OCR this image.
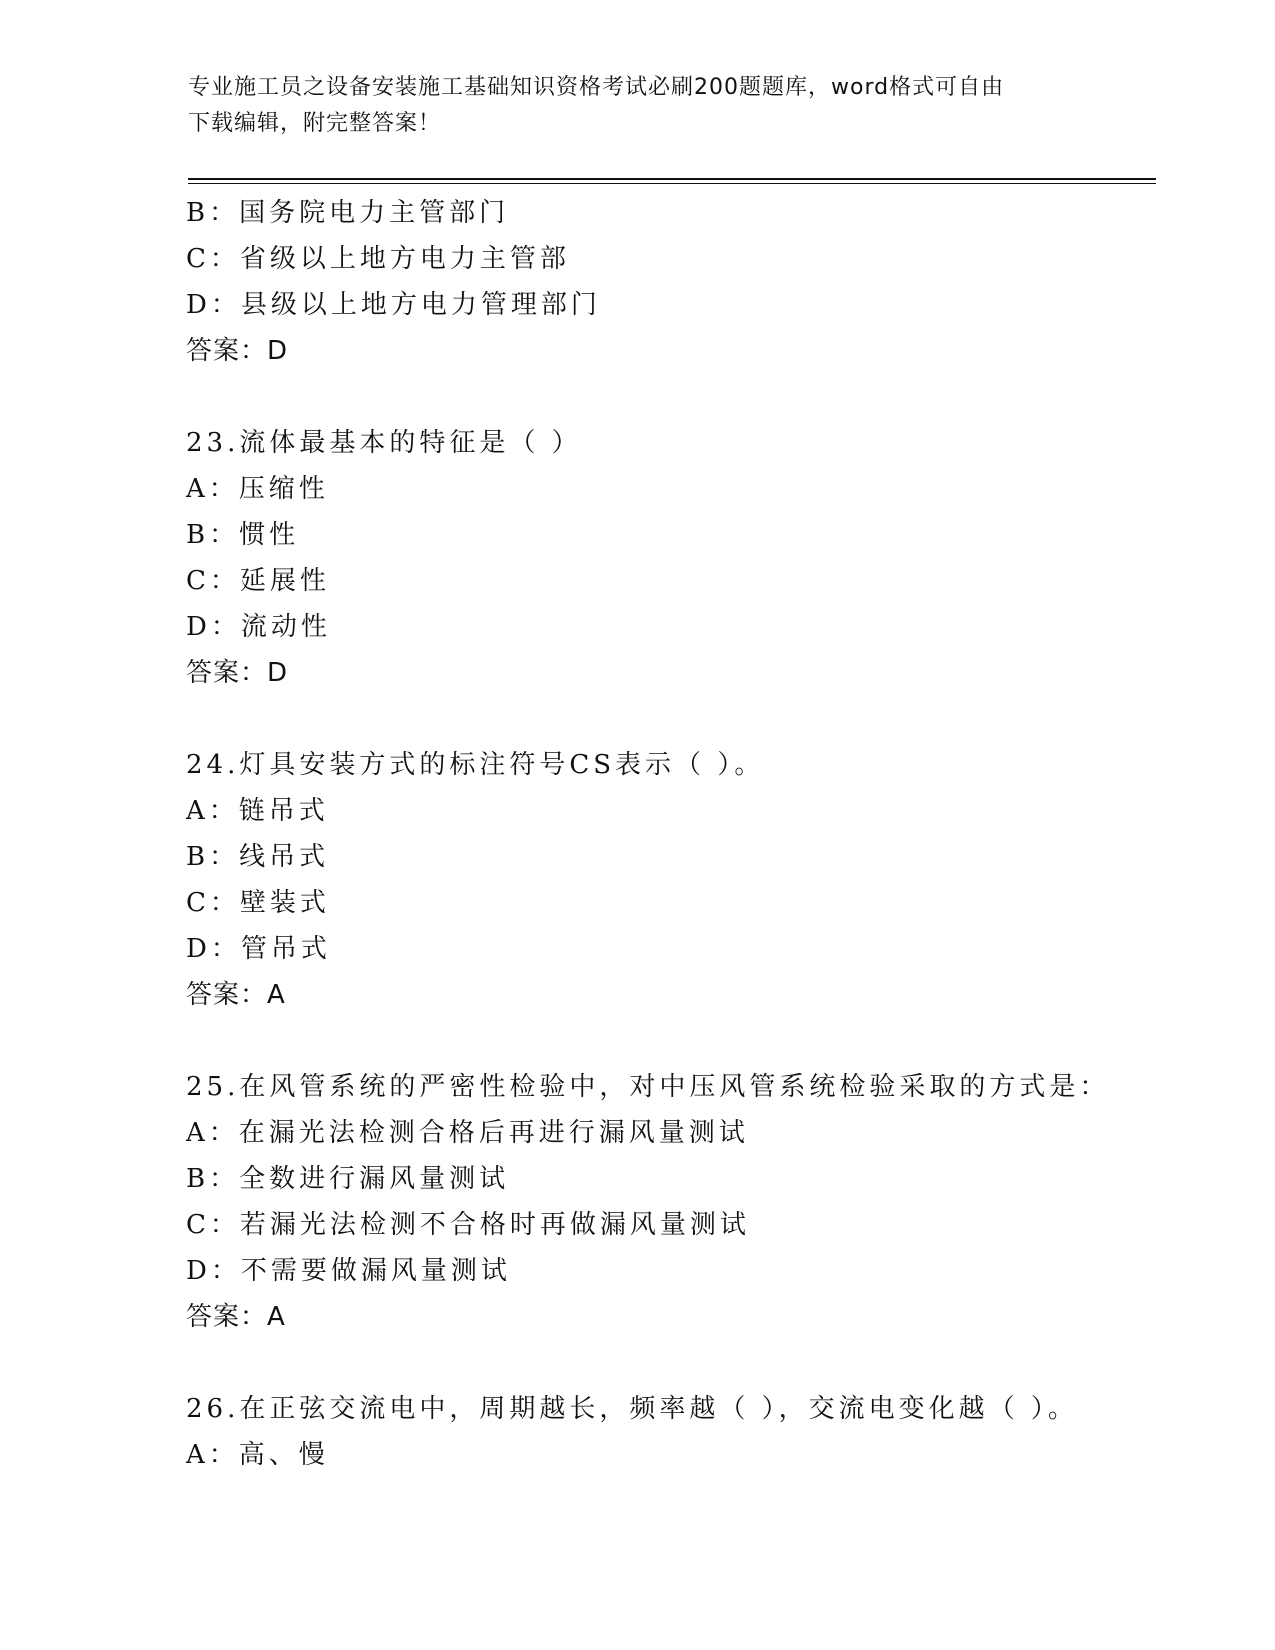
专业施工员之设备安装施工基础知识资格考试必刷200题题库，word格式可自由
下载编辑，附完整答案！
B：国务院电力主管部门
C：省级以上地方电力主管部
D：县级以上地方电力管理部门
答案：D
23.流体最基本的特征是（ ）
A：压缩性
B：惯性
C：延展性
D：流动性
答案：D
24.灯具安装方式的标注符号CS表示（ ）。
A：链吊式
B：线吊式
C：壁装式
D：管吊式
答案：A
25.在风管系统的严密性检验中，对中压风管系统检验采取的方式是：
A：在漏光法检测合格后再进行漏风量测试
B：全数进行漏风量测试
C：若漏光法检测不合格时再做漏风量测试
D：不需要做漏风量测试
答案：A
26.在正弦交流电中，周期越长，频率越（ ），交流电变化越（ ）。
A：高、慢
